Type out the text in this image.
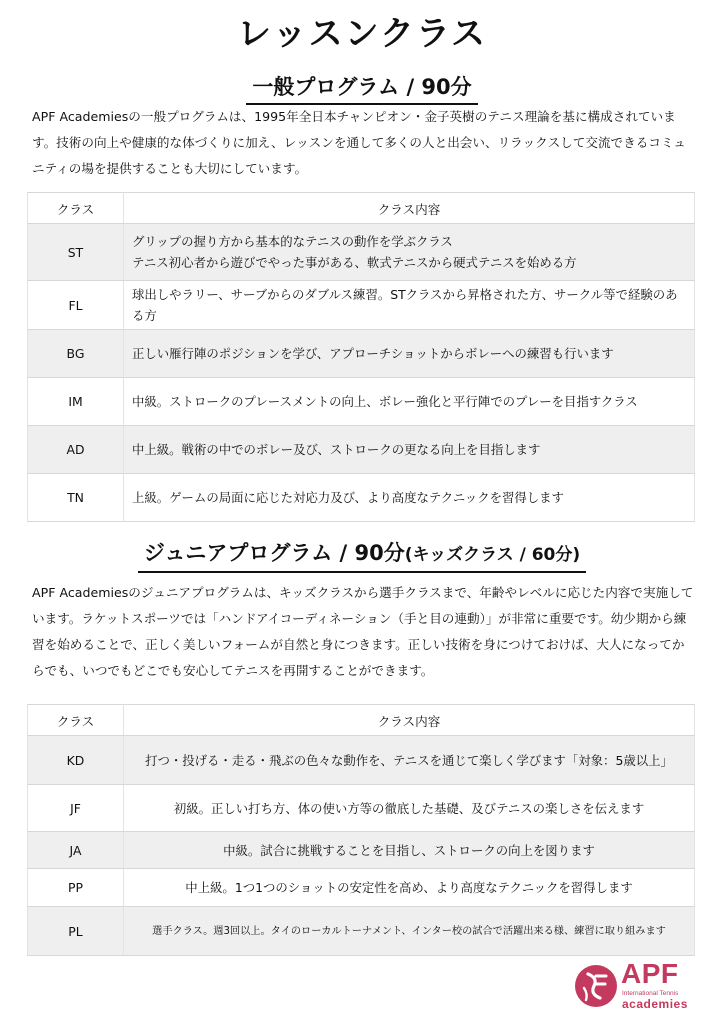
レッスンクラス
一般プログラム / 90分
APF Academiesの一般プログラムは、1995年全日本チャンピオン・金子英樹のテニス理論を基に構成されています。技術の向上や健康的な体づくりに加え、レッスンを通して多くの人と出会い、リラックスして交流できるコミュニティの場を提供することも大切にしています。
クラス	クラス内容
ST	グリップの握り方から基本的なテニスの動作を学ぶクラス
テニス初心者から遊びでやった事がある、軟式テニスから硬式テニスを始める方

FL	球出しやラリー、サーブからのダブルス練習。STクラスから昇格された方、サークル等で経験のある方
BG	正しい雁行陣のポジションを学び、アプローチショットからボレーへの練習も行います
IM	中級。ストロークのプレースメントの向上、ボレー強化と平行陣でのプレーを目指すクラス
AD	中上級。戦術の中でのボレー及び、ストロークの更なる向上を目指します
TN	上級。ゲームの局面に応じた対応力及び、より高度なテクニックを習得します
ジュニアプログラム / 90分(キッズクラス / 60分)
APF Academiesのジュニアプログラムは、キッズクラスから選手クラスまで、年齢やレベルに応じた内容で実施しています。ラケットスポーツでは「ハンドアイコーディネーション（手と目の連動）」が非常に重要です。幼少期から練習を始めることで、正しく美しいフォームが自然と身につきます。正しい技術を身につけておけば、大人になってからでも、いつでもどこでも安心してテニスを再開することができます。
クラス	クラス内容
KD	打つ・投げる・走る・飛ぶの色々な動作を、テニスを通じて楽しく学びます「対象：5歳以上」
JF	初級。正しい打ち方、体の使い方等の徹底した基礎、及びテニスの楽しさを伝えます
JA	中級。試合に挑戦することを目指し、ストロークの向上を図ります
PP	中上級。1つ1つのショットの安定性を高め、より高度なテクニックを習得します
PL	選手クラス。週3回以上。タイのローカルトーナメント、インター校の試合で活躍出来る様、練習に取り組みます
APF
International Tennis
academies
